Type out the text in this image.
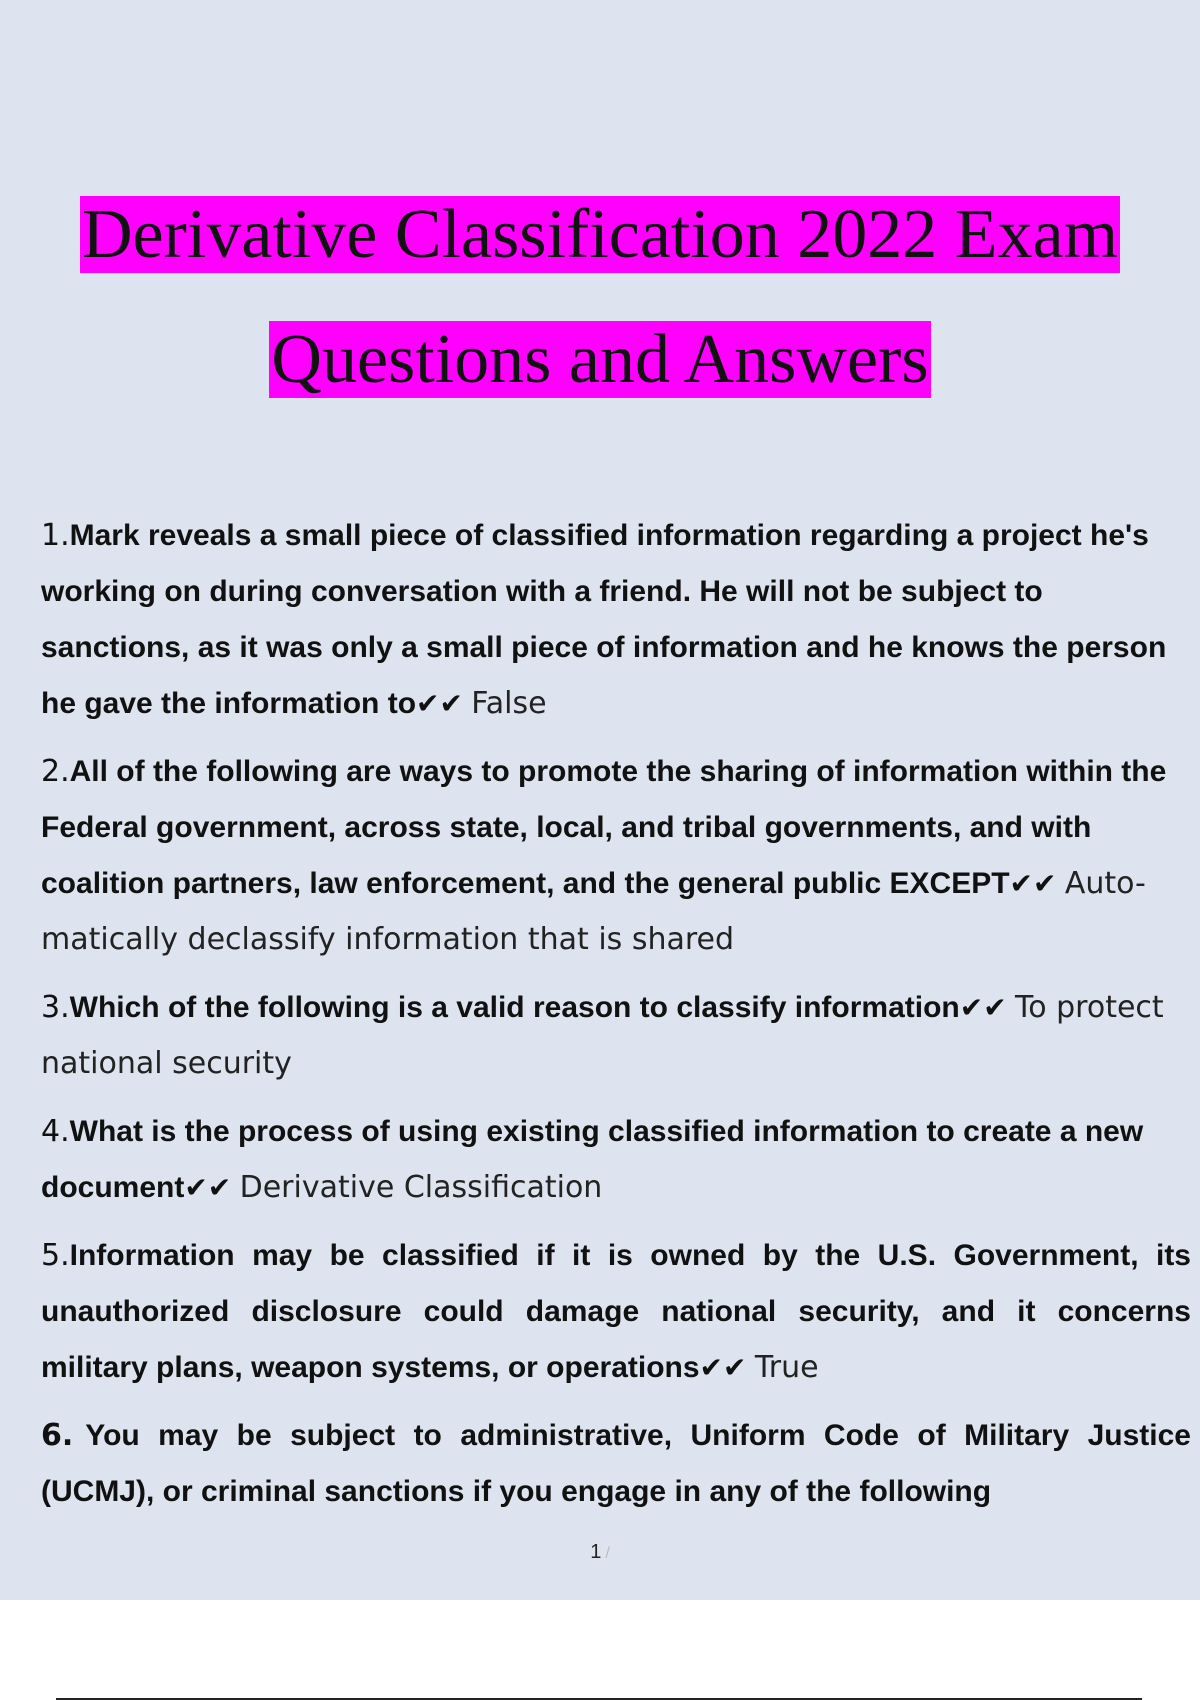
Derivative Classification 2022 Exam
Questions and Answers
1.Mark reveals a small piece of classified information regarding a project he's working on during conversation with a friend. He will not be subject to sanctions, as it was only a small piece of information and he knows the person he gave the information to✔✔ False
2.All of the following are ways to promote the sharing of information within the Federal government, across state, local, and tribal governments, and with coalition partners, law enforcement, and the general public EXCEPT✔✔ Auto- matically declassify information that is shared
3.Which of the following is a valid reason to classify information✔✔ To protect national security
4.What is the process of using existing classified information to create a new document✔✔ Derivative Classification
5.Information may be classified if it is owned by the U.S. Government, its unauthorized disclosure could damage national security, and it concerns military plans, weapon systems, or operations✔✔ True
6. You may be subject to administrative, Uniform Code of Military Justice (UCMJ), or criminal sanctions if you engage in any of the following
1 /
